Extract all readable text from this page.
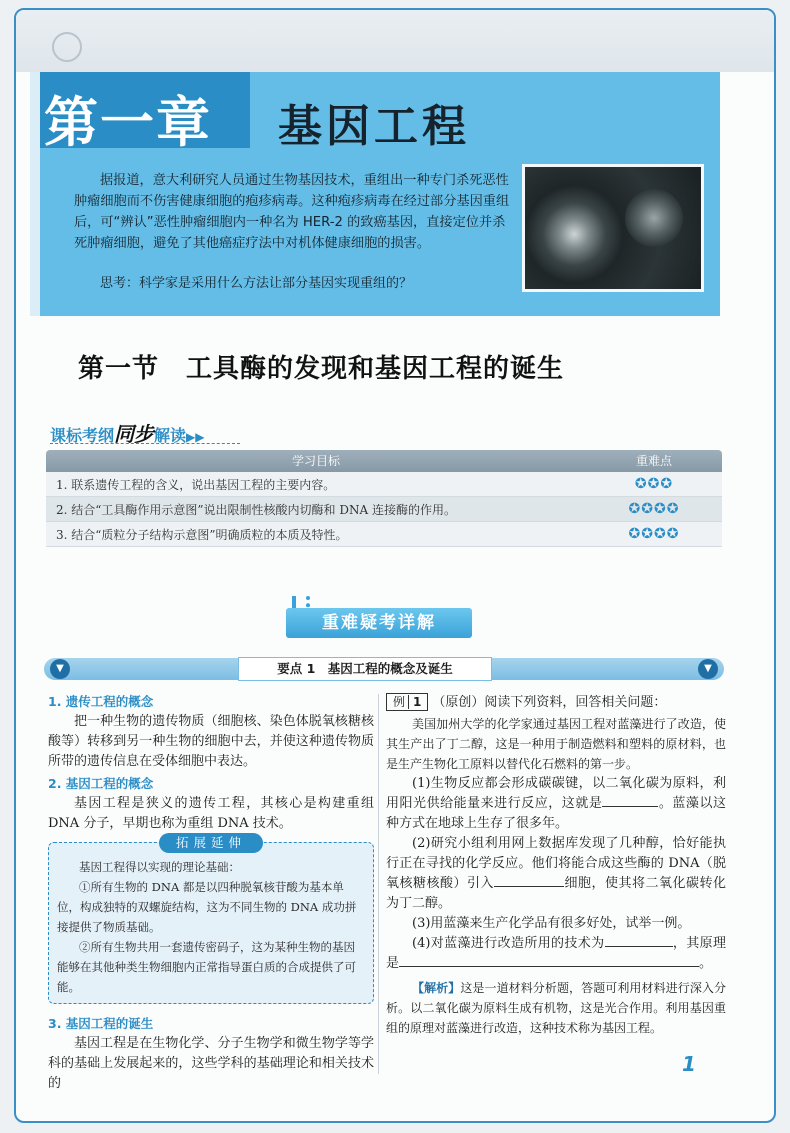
第一章 基因工程
据报道，意大利研究人员通过生物基因技术，重组出一种专门杀死恶性肿瘤细胞而不伤害健康细胞的疱疹病毒。这种疱疹病毒在经过部分基因重组后，可“辨认”恶性肿瘤细胞内一种名为 HER-2 的致癌基因，直接定位并杀死肿瘤细胞，避免了其他癌症疗法中对机体健康细胞的损害。
思考：科学家是采用什么方法让部分基因实现重组的？
第一节　工具酶的发现和基因工程的诞生
课标考纲同步解读▶▶
学习目标	重难点
1. 联系遗传工程的含义，说出基因工程的主要内容。	✪✪✪
2. 结合“工具酶作用示意图”说出限制性核酸内切酶和 DNA 连接酶的作用。	✪✪✪✪
3. 结合“质粒分子结构示意图”明确质粒的本质及特性。	✪✪✪✪
重难疑考详解
▼	▼
要点 1　基因工程的概念及诞生
1. 遗传工程的概念
把一种生物的遗传物质（细胞核、染色体脱氧核糖核酸等）转移到另一种生物的细胞中去，并使这种遗传物质所带的遗传信息在受体细胞中表达。
2. 基因工程的概念
基因工程是狭义的遗传工程，其核心是构建重组 DNA 分子，早期也称为重组 DNA 技术。
拓展延伸
基因工程得以实现的理论基础：
①所有生物的 DNA 都是以四种脱氧核苷酸为基本单位，构成独特的双螺旋结构，这为不同生物的 DNA 成功拼接提供了物质基础。
②所有生物共用一套遗传密码子，这为某种生物的基因能够在其他种类生物细胞内正常指导蛋白质的合成提供了可能。
3. 基因工程的诞生
基因工程是在生物化学、分子生物学和微生物学等学科的基础上发展起来的，这些学科的基础理论和相关技术的
例 1 （原创）阅读下列资料，回答相关问题：
美国加州大学的化学家通过基因工程对蓝藻进行了改造，使其生产出了丁二醇，这是一种用于制造燃料和塑料的原材料，也是生产生物化工原料以替代化石燃料的第一步。
(1)生物反应都会形成碳碳键，以二氧化碳为原料，利用阳光供给能量来进行反应，这就是	。蓝藻以这种方式在地球上生存了很多年。
(2)研究小组利用网上数据库发现了几种醇，恰好能执行正在寻找的化学反应。他们将能合成这些酶的 DNA（脱氧核糖核酸）引入	细胞，使其将二氧化碳转化为丁二醇。
(3)用蓝藻来生产化学品有很多好处，试举一例。
(4)对蓝藻进行改造所用的技术为	，其原理是	。
【解析】这是一道材料分析题，答题可利用材料进行深入分析。以二氧化碳为原料生成有机物，这是光合作用。利用基因重组的原理对蓝藻进行改造，这种技术称为基因工程。
1
